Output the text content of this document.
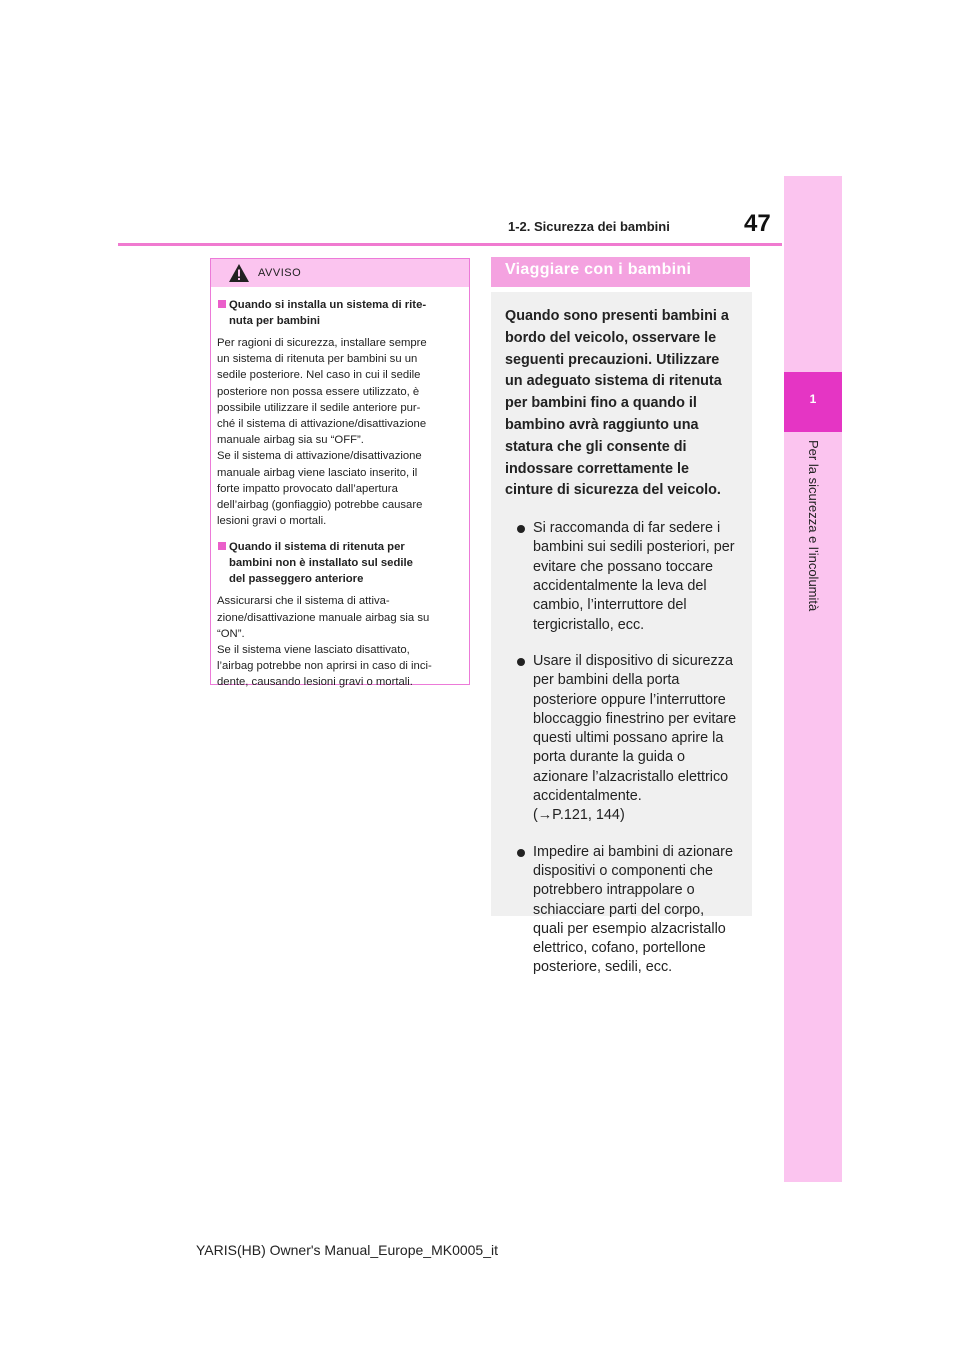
47
1-2. Sicurezza dei bambini
1
Per la sicurezza e l’incolumità
AVVISO
Quando si installa un sistema di rite-
nuta per bambini
Per ragioni di sicurezza, installare sempre
un sistema di ritenuta per bambini su un
sedile posteriore. Nel caso in cui il sedile
posteriore non possa essere utilizzato, è
possibile utilizzare il sedile anteriore pur-
ché il sistema di attivazione/disattivazione
manuale airbag sia su “OFF”.
Se il sistema di attivazione/disattivazione
manuale airbag viene lasciato inserito, il
forte impatto provocato dall’apertura
dell’airbag (gonfiaggio) potrebbe causare
lesioni gravi o mortali.
Quando il sistema di ritenuta per
bambini non è installato sul sedile
del passeggero anteriore
Assicurarsi che il sistema di attiva-
zione/disattivazione manuale airbag sia su
“ON”.
Se il sistema viene lasciato disattivato,
l’airbag potrebbe non aprirsi in caso di inci-
dente, causando lesioni gravi o mortali.
Viaggiare con i bambini
Quando sono presenti bambini a bordo del veicolo, osservare le seguenti precauzioni. Utilizzare un adeguato sistema di ritenuta per bambini fino a quando il bambino avrà raggiunto una statura che gli consente di indossare correttamente le cinture di sicurezza del veicolo.
Si raccomanda di far sedere i bambini sui sedili posteriori, per evitare che possano toccare accidentalmente la leva del cambio, l’interruttore del tergicristallo, ecc.
Usare il dispositivo di sicurezza per bambini della porta posteriore oppure l’interruttore bloccaggio finestrino per evitare questi ultimi possano aprire la porta durante la guida o azionare l’alzacristallo elettrico accidentalmente.
(→P.121, 144)
Impedire ai bambini di azionare dispositivi o componenti che potrebbero intrappolare o schiacciare parti del corpo, quali per esempio alzacristallo elettrico, cofano, portellone posteriore, sedili, ecc.
YARIS(HB) Owner's Manual_Europe_MK0005_it
